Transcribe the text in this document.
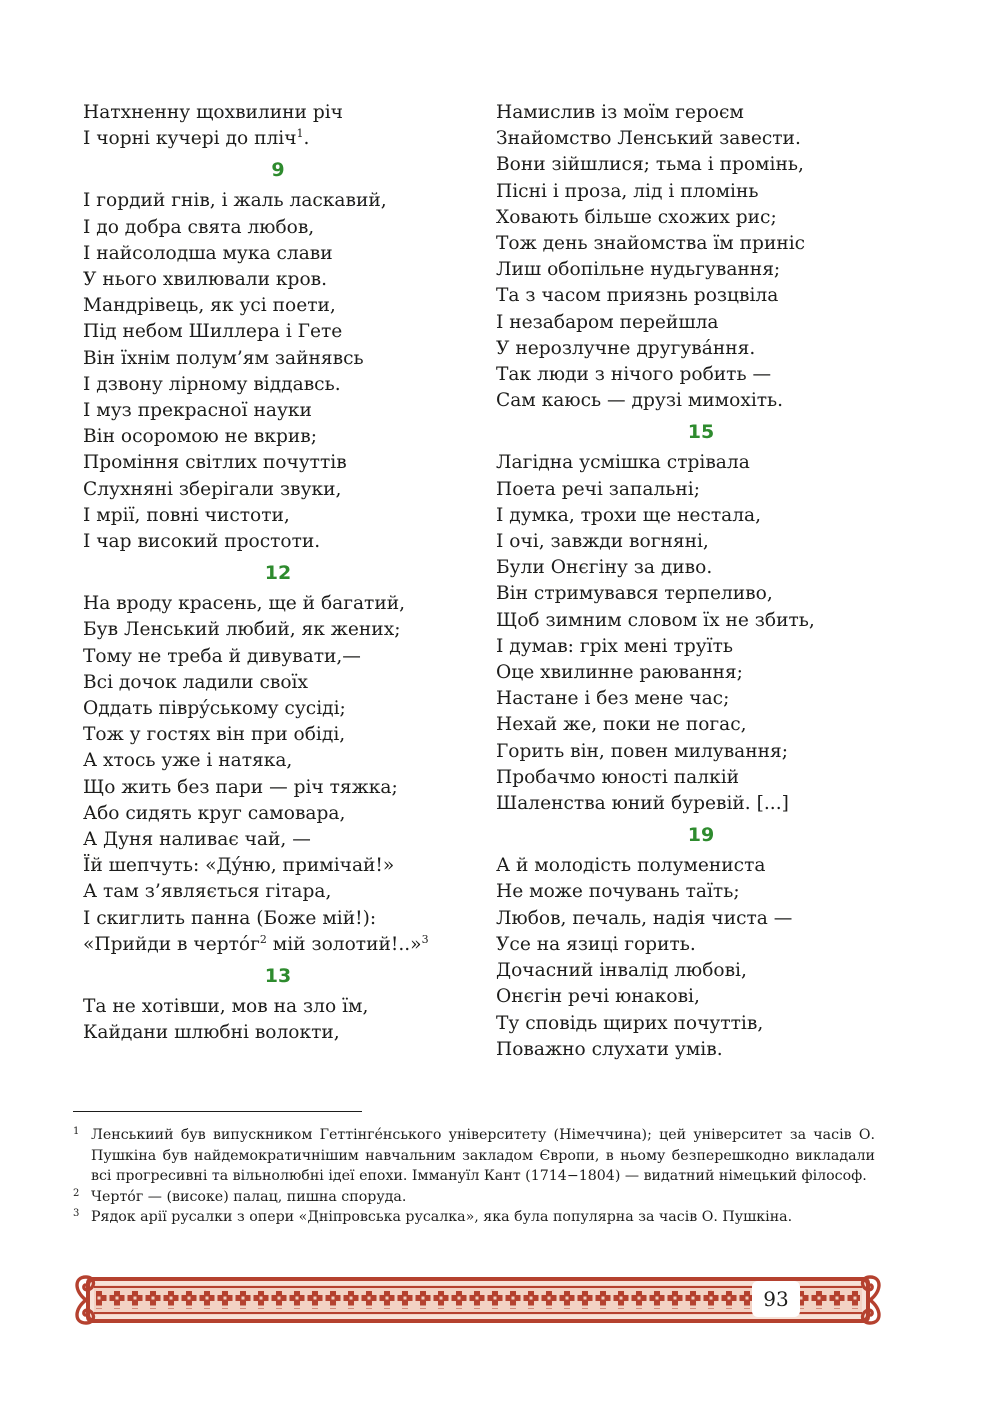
Натхненну щохвилини річ
І чорні кучері до пліч$^1$.
9
І гордий гнів, і жаль ласкавий,
І до добра свята любов,
І найсолодша мука слави
У нього хвилювали кров.
Мандрівець, як усі поети,
Під небом Шиллера і Гете
Він їхнім полум’ям зайнявсь
І дзвону лірному віддавсь.
І муз прекрасної науки
Він осоромою не вкрив;
Проміння світлих почуттів
Слухняні зберігали звуки,
І мрії, повні чистоти,
І чар високий простоти.
12
На вроду красень, ще й багатий,
Був Ленський любий, як жених;
Тому не треба й дивувати,—
Всі дочок ладили своїх
Оддать піврýському сусіді;
Тож у гостях він при обіді,
А хтось уже і натяка,
Що жить без пари — річ тяжка;
Або сидять круг самовара,
А Дуня наливає чай, —
Їй шепчуть: «Дýню, примічай!»
А там з’являється гітара,
І скиглить панна (Боже мій!):
«Прийди в чертóг$^2$ мій золотий!..»$^3$
13
Та не хотівши, мов на зло їм,
Кайдани шлюбні волокти,
Намислив із моїм героєм
Знайомство Ленський завести.
Вони зійшлися; тьма і промінь,
Пісні і проза, лід і пломінь
Ховають більше схожих рис;
Тож день знайомства їм приніс
Лиш обопільне нудьгування;
Та з часом приязнь розцвіла
І незабаром перейшла
У нерозлучне другувáння.
Так люди з нічого робить —
Сам каюсь — друзі мимохіть.
15
Лагідна усмішка стрівала
Поета речі запальні;
І думка, трохи ще нестала,
І очі, завжди вогняні,
Були Онєгіну за диво.
Він стримувався терпеливо,
Щоб зимним словом їх не збить,
І думав: гріх мені труїть
Оце хвилинне раювання;
Настане і без мене час;
Нехай же, поки не погас,
Горить він, повен милування;
Пробачмо юності палкій
Шаленства юний буревій. [...]
19
А й молодість полумениста
Не може почувань таїть;
Любов, печаль, надія чиста —
Усе на язиці горить.
Дочасний інвалід любові,
Онєгін речі юнакові,
Ту сповідь щирих почуттів,
Поважно слухати умів.
1 Ленськиий був випускником Геттінгéнського університету (Німеччина); цей університет за часів О. Пушкіна був найдемократичнішим навчальним закладом Європи, в ньому безперешкодно викладали всі прогресивні та вільнолюбні ідеї епохи. Іммануїл Кант (1714−1804) — видатний німецький філософ.
2 Чертóг — (високе) палац, пишна споруда.
3 Рядок арії русалки з опери «Дніпровська русалка», яка була популярна за часів О. Пушкіна.
93
